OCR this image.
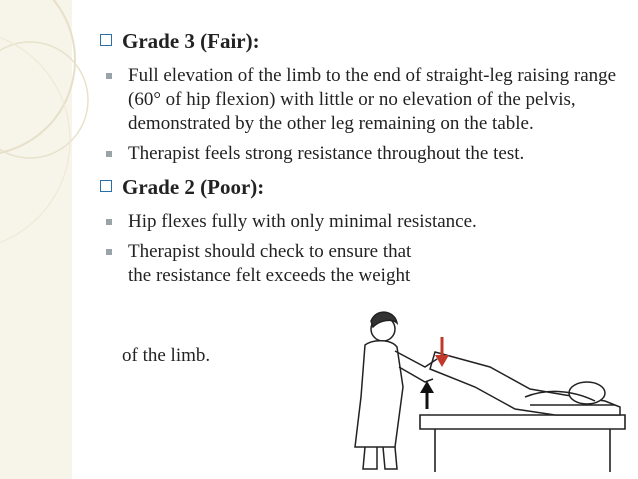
Grade 3 (Fair):
Full elevation of the limb to the end of straight-leg raising range (60° of hip flexion) with little or no elevation of the pelvis, demonstrated by the other leg remaining on the table.
Therapist feels strong resistance throughout the test.
Grade 2 (Poor):
Hip flexes fully with only minimal resistance.
Therapist should check to ensure that the resistance felt exceeds the weight
of the limb.
